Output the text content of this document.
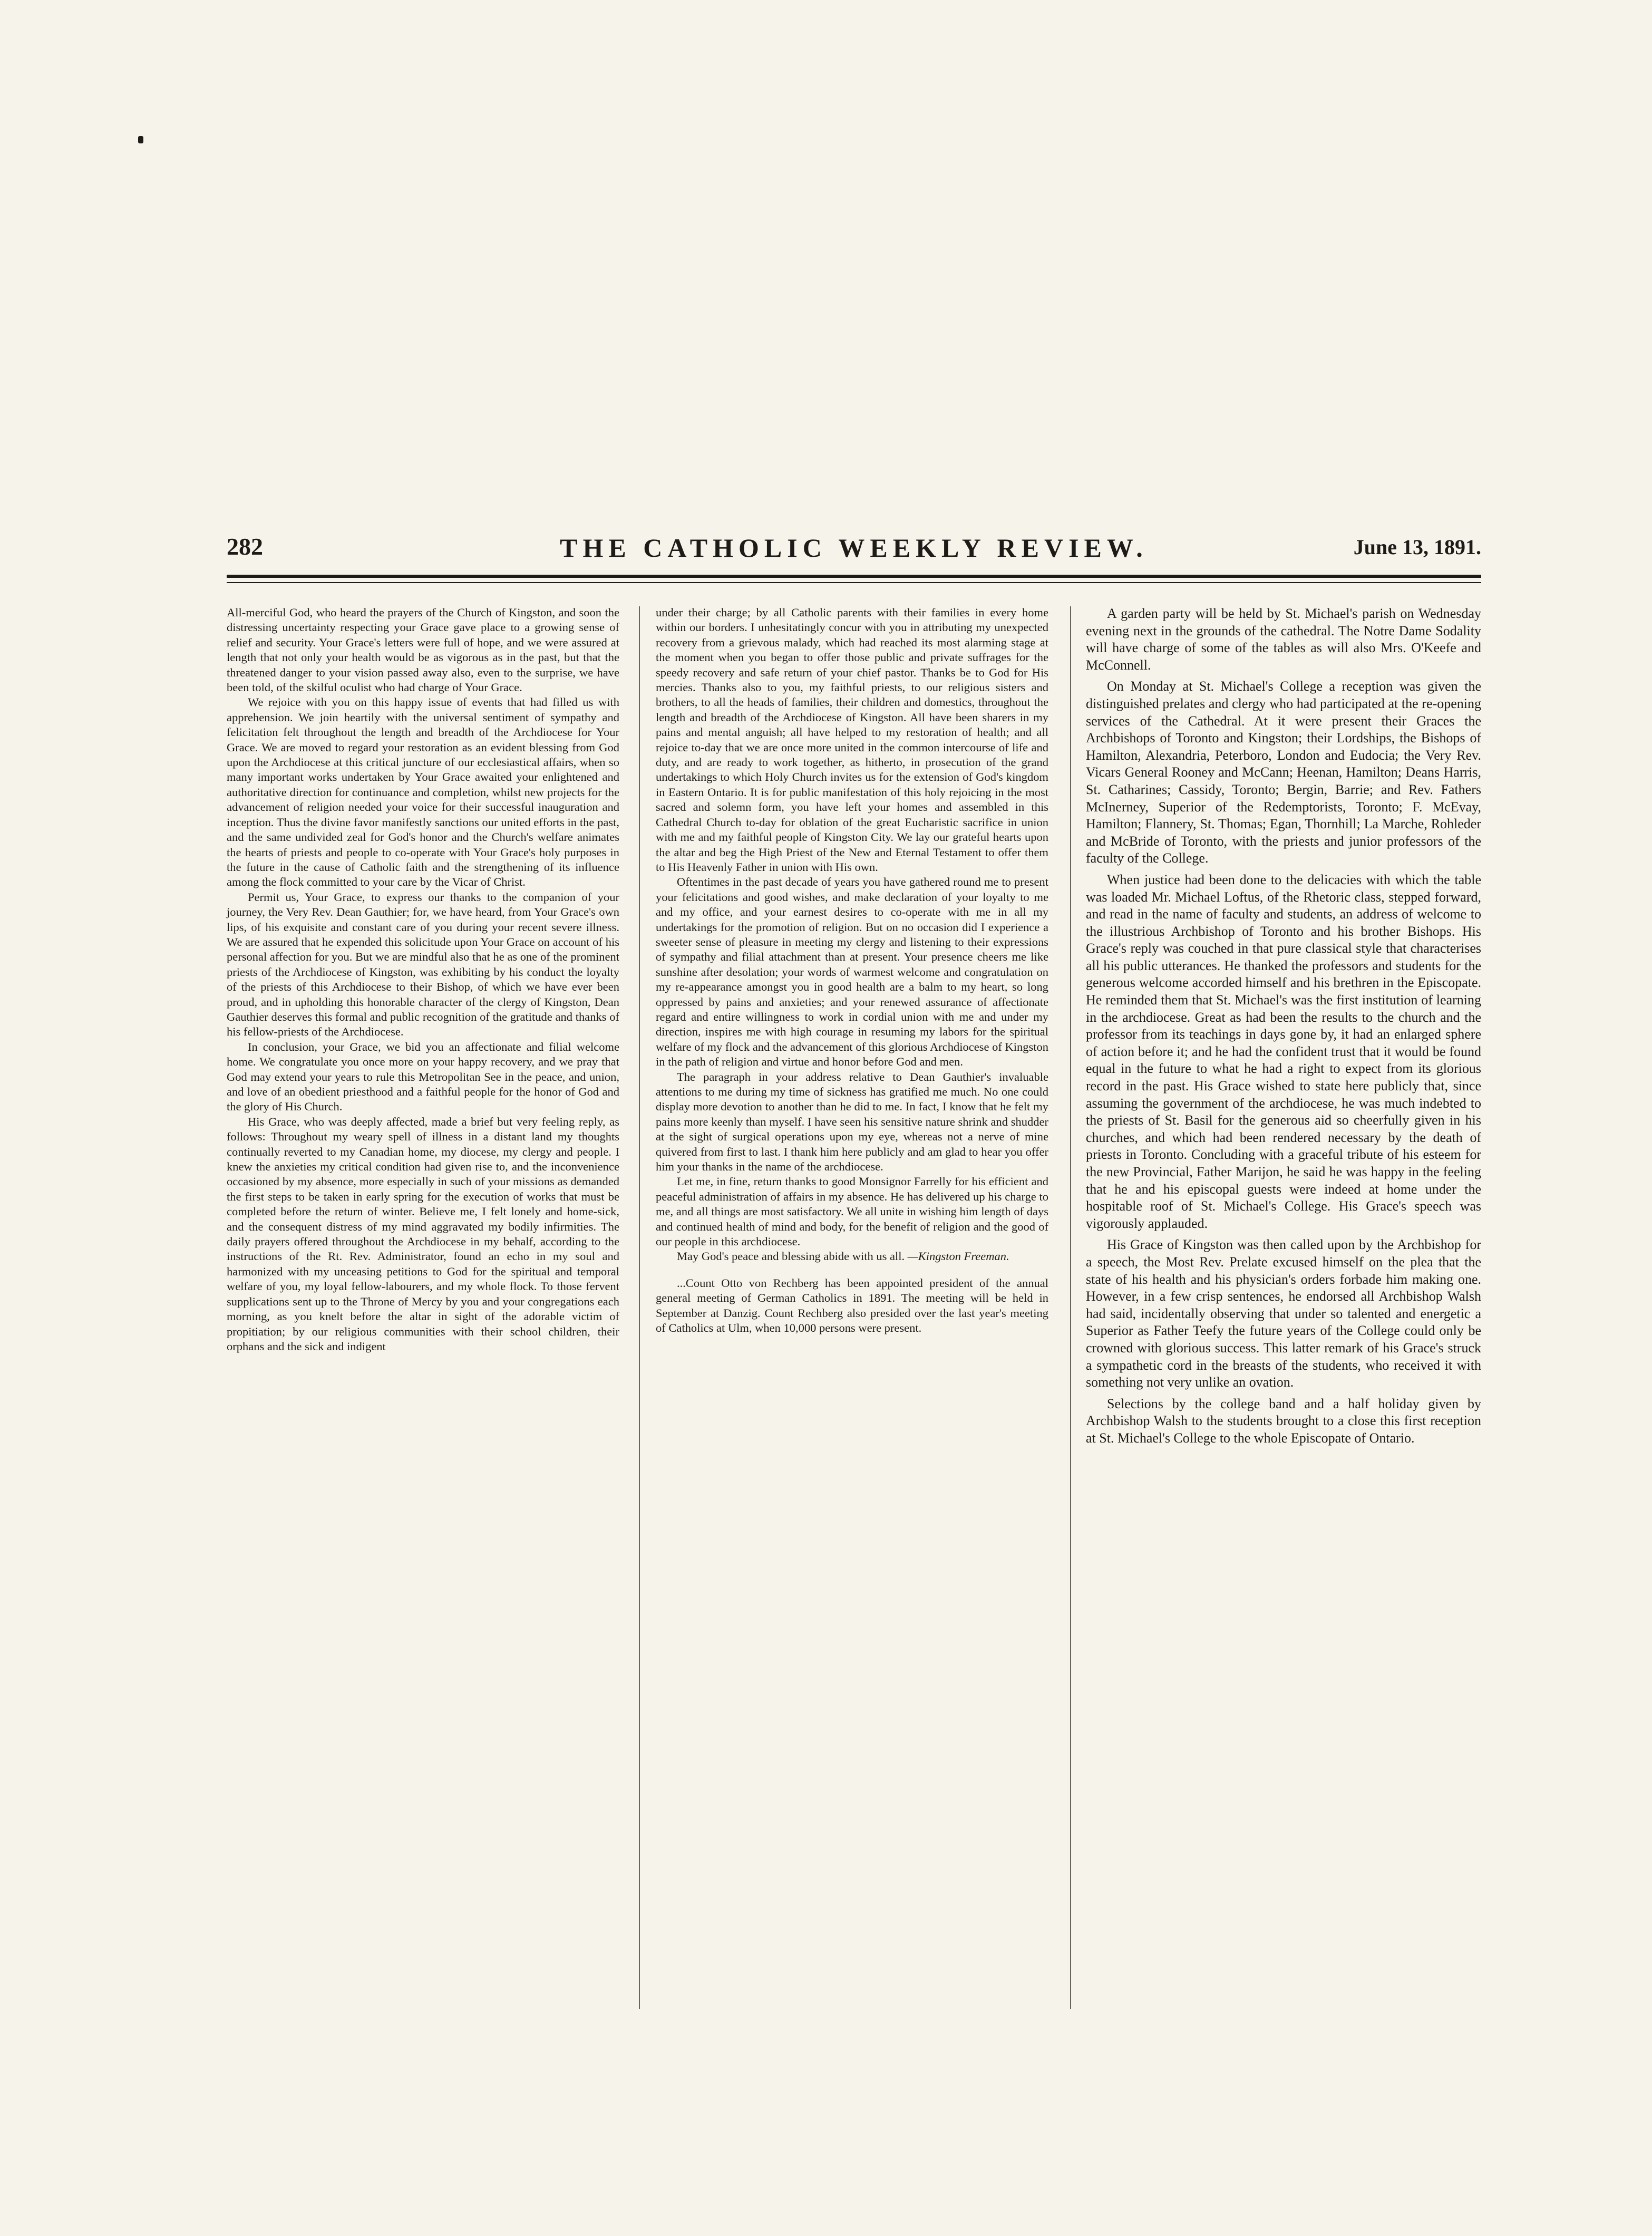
282	THE CATHOLIC WEEKLY REVIEW.	June 13, 1891.

All-merciful God, who heard the prayers of the Church of Kingston, and soon the distressing uncertainty respecting your Grace gave place to a growing sense of relief and security. Your Grace's letters were full of hope, and we were assured at length that not only your health would be as vigorous as in the past, but that the threatened danger to your vision passed away also, even to the surprise, we have been told, of the skilful oculist who had charge of Your Grace.

We rejoice with you on this happy issue of events that had filled us with apprehension. We join heartily with the universal sentiment of sympathy and felicitation felt throughout the length and breadth of the Archdiocese for Your Grace. We are moved to regard your restoration as an evident blessing from God upon the Archdiocese at this critical juncture of our ecclesiastical affairs, when so many important works undertaken by Your Grace awaited your enlightened and authoritative direction for continuance and completion, whilst new projects for the advancement of religion needed your voice for their successful inauguration and inception. Thus the divine favor manifestly sanctions our united efforts in the past, and the same undivided zeal for God's honor and the Church's welfare animates the hearts of priests and people to co-operate with Your Grace's holy purposes in the future in the cause of Catholic faith and the strengthening of its influence among the flock committed to your care by the Vicar of Christ.

Permit us, Your Grace, to express our thanks to the companion of your journey, the Very Rev. Dean Gauthier; for, we have heard, from Your Grace's own lips, of his exquisite and constant care of you during your recent severe illness. We are assured that he expended this solicitude upon Your Grace on account of his personal affection for you. But we are mindful also that he as one of the prominent priests of the Archdiocese of Kingston, was exhibiting by his conduct the loyalty of the priests of this Archdiocese to their Bishop, of which we have ever been proud, and in upholding this honorable character of the clergy of Kingston, Dean Gauthier deserves this formal and public recognition of the gratitude and thanks of his fellow-priests of the Archdiocese.

In conclusion, your Grace, we bid you an affectionate and filial welcome home. We congratulate you once more on your happy recovery, and we pray that God may extend your years to rule this Metropolitan See in the peace, and union, and love of an obedient priesthood and a faithful people for the honor of God and the glory of His Church.

His Grace, who was deeply affected, made a brief but very feeling reply, as follows: Throughout my weary spell of illness in a distant land my thoughts continually reverted to my Canadian home, my diocese, my clergy and people. I knew the anxieties my critical condition had given rise to, and the inconvenience occasioned by my absence, more especially in such of your missions as demanded the first steps to be taken in early spring for the execution of works that must be completed before the return of winter. Believe me, I felt lonely and home-sick, and the consequent distress of my mind aggravated my bodily infirmities. The daily prayers offered throughout the Archdiocese in my behalf, according to the instructions of the Rt. Rev. Administrator, found an echo in my soul and harmonized with my unceasing petitions to God for the spiritual and temporal welfare of you, my loyal fellow-labourers, and my whole flock. To those fervent supplications sent up to the Throne of Mercy by you and your congregations each morning, as you knelt before the altar in sight of the adorable victim of propitiation; by our religious communities with their school children, their orphans and the sick and indigent

under their charge; by all Catholic parents with their families in every home within our borders. I unhesitatingly concur with you in attributing my unexpected recovery from a grievous malady, which had reached its most alarming stage at the moment when you began to offer those public and private suffrages for the speedy recovery and safe return of your chief pastor. Thanks be to God for His mercies. Thanks also to you, my faithful priests, to our religious sisters and brothers, to all the heads of families, their children and domestics, throughout the length and breadth of the Archdiocese of Kingston. All have been sharers in my pains and mental anguish; all have helped to my restoration of health; and all rejoice to-day that we are once more united in the common intercourse of life and duty, and are ready to work together, as hitherto, in prosecution of the grand undertakings to which Holy Church invites us for the extension of God's kingdom in Eastern Ontario. It is for public manifestation of this holy rejoicing in the most sacred and solemn form, you have left your homes and assembled in this Cathedral Church to-day for oblation of the great Eucharistic sacrifice in union with me and my faithful people of Kingston City. We lay our grateful hearts upon the altar and beg the High Priest of the New and Eternal Testament to offer them to His Heavenly Father in union with His own.

Oftentimes in the past decade of years you have gathered round me to present your felicitations and good wishes, and make declaration of your loyalty to me and my office, and your earnest desires to co-operate with me in all my undertakings for the promotion of religion. But on no occasion did I experience a sweeter sense of pleasure in meeting my clergy and listening to their expressions of sympathy and filial attachment than at present. Your presence cheers me like sunshine after desolation; your words of warmest welcome and congratulation on my re-appearance amongst you in good health are a balm to my heart, so long oppressed by pains and anxieties; and your renewed assurance of affectionate regard and entire willingness to work in cordial union with me and under my direction, inspires me with high courage in resuming my labors for the spiritual welfare of my flock and the advancement of this glorious Archdiocese of Kingston in the path of religion and virtue and honor before God and men.

The paragraph in your address relative to Dean Gauthier's invaluable attentions to me during my time of sickness has gratified me much. No one could display more devotion to another than he did to me. In fact, I know that he felt my pains more keenly than myself. I have seen his sensitive nature shrink and shudder at the sight of surgical operations upon my eye, whereas not a nerve of mine quivered from first to last. I thank him here publicly and am glad to hear you offer him your thanks in the name of the archdiocese.

Let me, in fine, return thanks to good Monsignor Farrelly for his efficient and peaceful administration of affairs in my absence. He has delivered up his charge to me, and all things are most satisfactory. We all unite in wishing him length of days and continued health of mind and body, for the benefit of religion and the good of our people in this archdiocese.

May God's peace and blessing abide with us all. —Kingston Freeman.

...Count Otto von Rechberg has been appointed president of the annual general meeting of German Catholics in 1891. The meeting will be held in September at Danzig. Count Rechberg also presided over the last year's meeting of Catholics at Ulm, when 10,000 persons were present.

A garden party will be held by St. Michael's parish on Wednesday evening next in the grounds of the cathedral. The Notre Dame Sodality will have charge of some of the tables as will also Mrs. O'Keefe and McConnell.

On Monday at St. Michael's College a reception was given the distinguished prelates and clergy who had participated at the re-opening services of the Cathedral. At it were present their Graces the Archbishops of Toronto and Kingston; their Lordships, the Bishops of Hamilton, Alexandria, Peterboro, London and Eudocia; the Very Rev. Vicars General Rooney and McCann; Heenan, Hamilton; Deans Harris, St. Catharines; Cassidy, Toronto; Bergin, Barrie; and Rev. Fathers McInerney, Superior of the Redemptorists, Toronto; F. McEvay, Hamilton; Flannery, St. Thomas; Egan, Thornhill; La Marche, Rohleder and McBride of Toronto, with the priests and junior professors of the faculty of the College.

When justice had been done to the delicacies with which the table was loaded Mr. Michael Loftus, of the Rhetoric class, stepped forward, and read in the name of faculty and students, an address of welcome to the illustrious Archbishop of Toronto and his brother Bishops. His Grace's reply was couched in that pure classical style that characterises all his public utterances. He thanked the professors and students for the generous welcome accorded himself and his brethren in the Episcopate. He reminded them that St. Michael's was the first institution of learning in the archdiocese. Great as had been the results to the church and the professor from its teachings in days gone by, it had an enlarged sphere of action before it; and he had the confident trust that it would be found equal in the future to what he had a right to expect from its glorious record in the past. His Grace wished to state here publicly that, since assuming the government of the archdiocese, he was much indebted to the priests of St. Basil for the generous aid so cheerfully given in his churches, and which had been rendered necessary by the death of priests in Toronto. Concluding with a graceful tribute of his esteem for the new Provincial, Father Marijon, he said he was happy in the feeling that he and his episcopal guests were indeed at home under the hospitable roof of St. Michael's College. His Grace's speech was vigorously applauded.

His Grace of Kingston was then called upon by the Archbishop for a speech, the Most Rev. Prelate excused himself on the plea that the state of his health and his physician's orders forbade him making one. However, in a few crisp sentences, he endorsed all Archbishop Walsh had said, incidentally observing that under so talented and energetic a Superior as Father Teefy the future years of the College could only be crowned with glorious success. This latter remark of his Grace's struck a sympathetic cord in the breasts of the students, who received it with something not very unlike an ovation.

Selections by the college band and a half holiday given by Archbishop Walsh to the students brought to a close this first reception at St. Michael's College to the whole Episcopate of Ontario.
